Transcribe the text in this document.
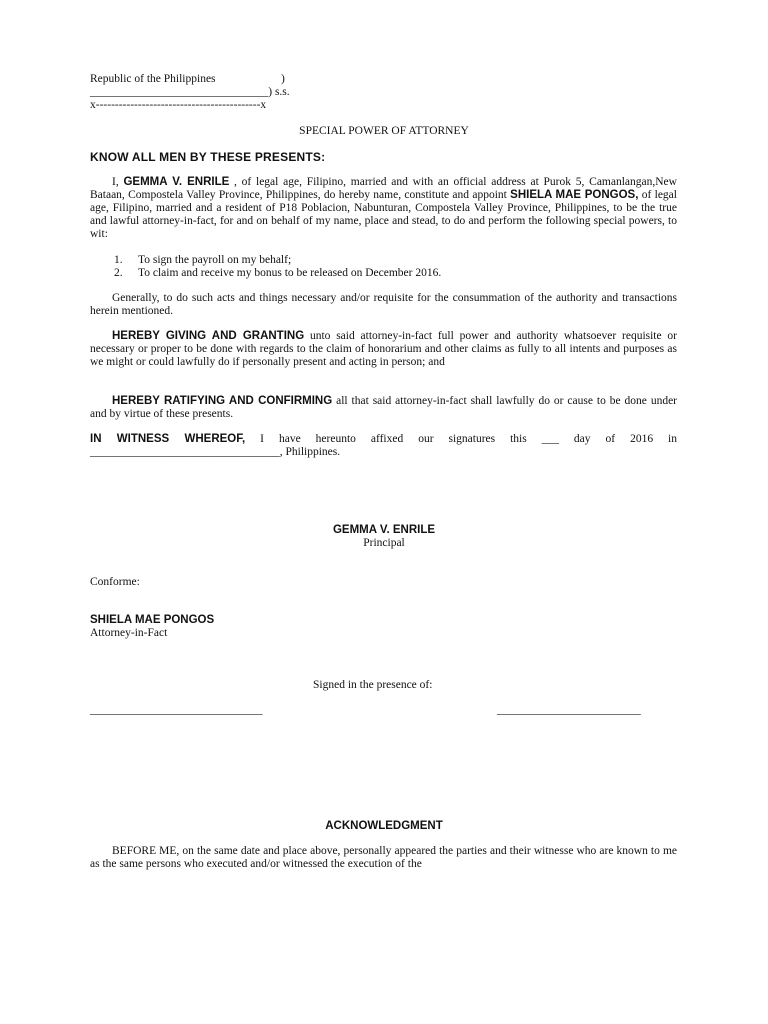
Republic of the Philippines	)
_______________________________) s.s.
x-------------------------------------------x
SPECIAL POWER OF ATTORNEY
KNOW ALL MEN BY THESE PRESENTS:
I, GEMMA V. ENRILE , of legal age, Filipino, married and with an official address at Purok 5, Camanlangan,New Bataan, Compostela Valley Province, Philippines, do hereby name, constitute and appoint SHIELA MAE PONGOS, of legal age, Filipino, married and a resident of P18 Poblacion, Nabunturan, Compostela Valley Province, Philippines, to be the true and lawful attorney-in-fact, for and on behalf of my name, place and stead, to do and perform the following special powers, to wit:
1. To sign the payroll on my behalf;
2. To claim and receive my bonus to be released on December 2016.
Generally, to do such acts and things necessary and/or requisite for the consummation of the authority and transactions herein mentioned.
HEREBY GIVING AND GRANTING unto said attorney-in-fact full power and authority whatsoever requisite or necessary or proper to be done with regards to the claim of honorarium and other claims as fully to all intents and purposes as we might or could lawfully do if personally present and acting in person; and
HEREBY RATIFYING AND CONFIRMING all that said attorney-in-fact shall lawfully do or cause to be done under and by virtue of these presents.
IN WITNESS WHEREOF, I have hereunto affixed our signatures this ___ day of 2016 in _________________________________, Philippines.
GEMMA V. ENRILE
Principal
Conforme:
SHIELA MAE PONGOS
Attorney-in-Fact
Signed in the presence of:
______________________________	_________________________
ACKNOWLEDGMENT
BEFORE ME, on the same date and place above, personally appeared the parties and their witnesse who are known to me as the same persons who executed and/or witnessed the execution of the
